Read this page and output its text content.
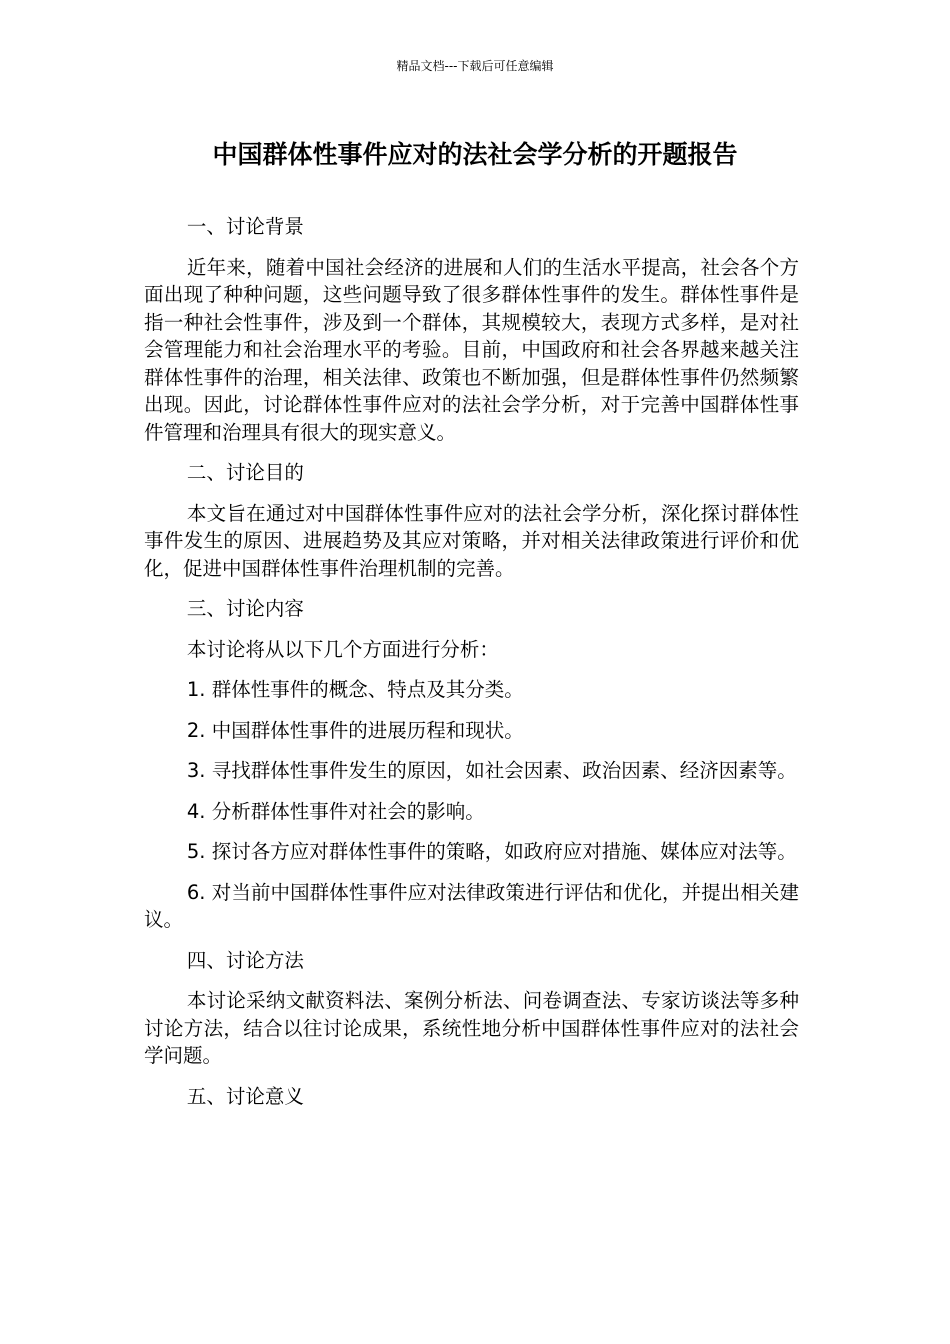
精品文档---下载后可任意编辑
中国群体性事件应对的法社会学分析的开题报告

一、讨论背景

近年来，随着中国社会经济的进展和人们的生活水平提高，社会各个方面出现了种种问题，这些问题导致了很多群体性事件的发生。群体性事件是指一种社会性事件，涉及到一个群体，其规模较大，表现方式多样，是对社会管理能力和社会治理水平的考验。目前，中国政府和社会各界越来越关注群体性事件的治理，相关法律、政策也不断加强，但是群体性事件仍然频繁出现。因此，讨论群体性事件应对的法社会学分析，对于完善中国群体性事件管理和治理具有很大的现实意义。

二、讨论目的

本文旨在通过对中国群体性事件应对的法社会学分析，深化探讨群体性事件发生的原因、进展趋势及其应对策略，并对相关法律政策进行评价和优化，促进中国群体性事件治理机制的完善。

三、讨论内容

本讨论将从以下几个方面进行分析：

1. 群体性事件的概念、特点及其分类。

2. 中国群体性事件的进展历程和现状。

3. 寻找群体性事件发生的原因，如社会因素、政治因素、经济因素等。

4. 分析群体性事件对社会的影响。

5. 探讨各方应对群体性事件的策略，如政府应对措施、媒体应对法等。

6. 对当前中国群体性事件应对法律政策进行评估和优化，并提出相关建议。

四、讨论方法

本讨论采纳文献资料法、案例分析法、问卷调查法、专家访谈法等多种讨论方法，结合以往讨论成果，系统性地分析中国群体性事件应对的法社会学问题。

五、讨论意义
